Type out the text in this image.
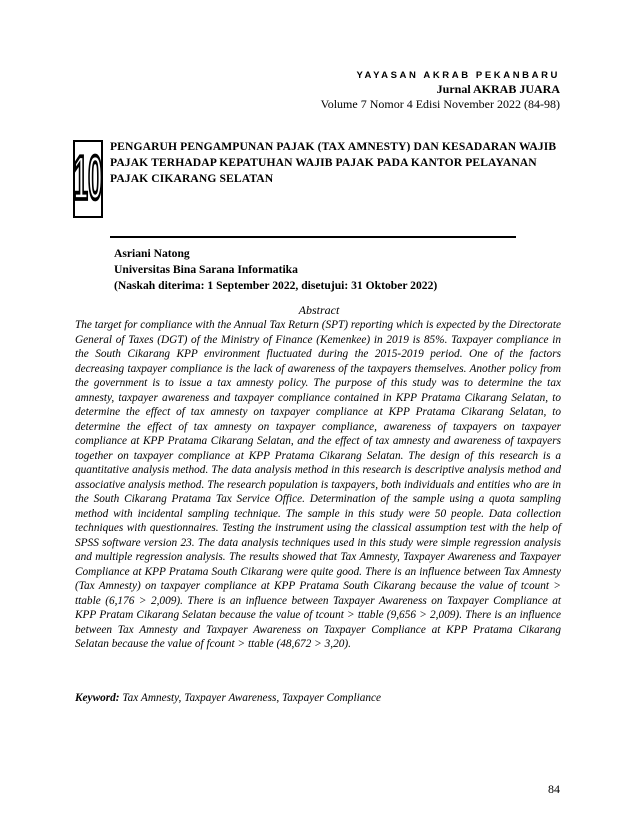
YAYASAN AKRAB PEKANBARU
Jurnal AKRAB JUARA
Volume 7 Nomor 4 Edisi November 2022 (84-98)
10 PENGARUH PENGAMPUNAN PAJAK (TAX AMNESTY) DAN KESADARAN WAJIB PAJAK TERHADAP KEPATUHAN WAJIB PAJAK PADA KANTOR PELAYANAN PAJAK CIKARANG SELATAN
Asriani Natong
Universitas Bina Sarana Informatika
(Naskah diterima: 1 September 2022, disetujui: 31 Oktober 2022)
Abstract
The target for compliance with the Annual Tax Return (SPT) reporting which is expected by the Directorate General of Taxes (DGT) of the Ministry of Finance (Kemenkee) in 2019 is 85%. Taxpayer compliance in the South Cikarang KPP environment fluctuated during the 2015-2019 period. One of the factors decreasing taxpayer compliance is the lack of awareness of the taxpayers themselves. Another policy from the government is to issue a tax amnesty policy. The purpose of this study was to determine the tax amnesty, taxpayer awareness and taxpayer compliance contained in KPP Pratama Cikarang Selatan, to determine the effect of tax amnesty on taxpayer compliance at KPP Pratama Cikarang Selatan, to determine the effect of tax amnesty on taxpayer compliance, awareness of taxpayers on taxpayer compliance at KPP Pratama Cikarang Selatan, and the effect of tax amnesty and awareness of taxpayers together on taxpayer compliance at KPP Pratama Cikarang Selatan. The design of this research is a quantitative analysis method. The data analysis method in this research is descriptive analysis method and associative analysis method. The research population is taxpayers, both individuals and entities who are in the South Cikarang Pratama Tax Service Office. Determination of the sample using a quota sampling method with incidental sampling technique. The sample in this study were 50 people. Data collection techniques with questionnaires. Testing the instrument using the classical assumption test with the help of SPSS software version 23. The data analysis techniques used in this study were simple regression analysis and multiple regression analysis. The results showed that Tax Amnesty, Taxpayer Awareness and Taxpayer Compliance at KPP Pratama South Cikarang were quite good. There is an influence between Tax Amnesty (Tax Amnesty) on taxpayer compliance at KPP Pratama South Cikarang because the value of tcount > ttable (6,176 > 2,009). There is an influence between Taxpayer Awareness on Taxpayer Compliance at KPP Pratam Cikarang Selatan because the value of tcount > ttable (9,656 > 2,009). There is an influence between Tax Amnesty and Taxpayer Awareness on Taxpayer Compliance at KPP Pratama Cikarang Selatan because the value of fcount > ttable (48,672 > 3,20).
Keyword: Tax Amnesty, Taxpayer Awareness, Taxpayer Compliance
84
